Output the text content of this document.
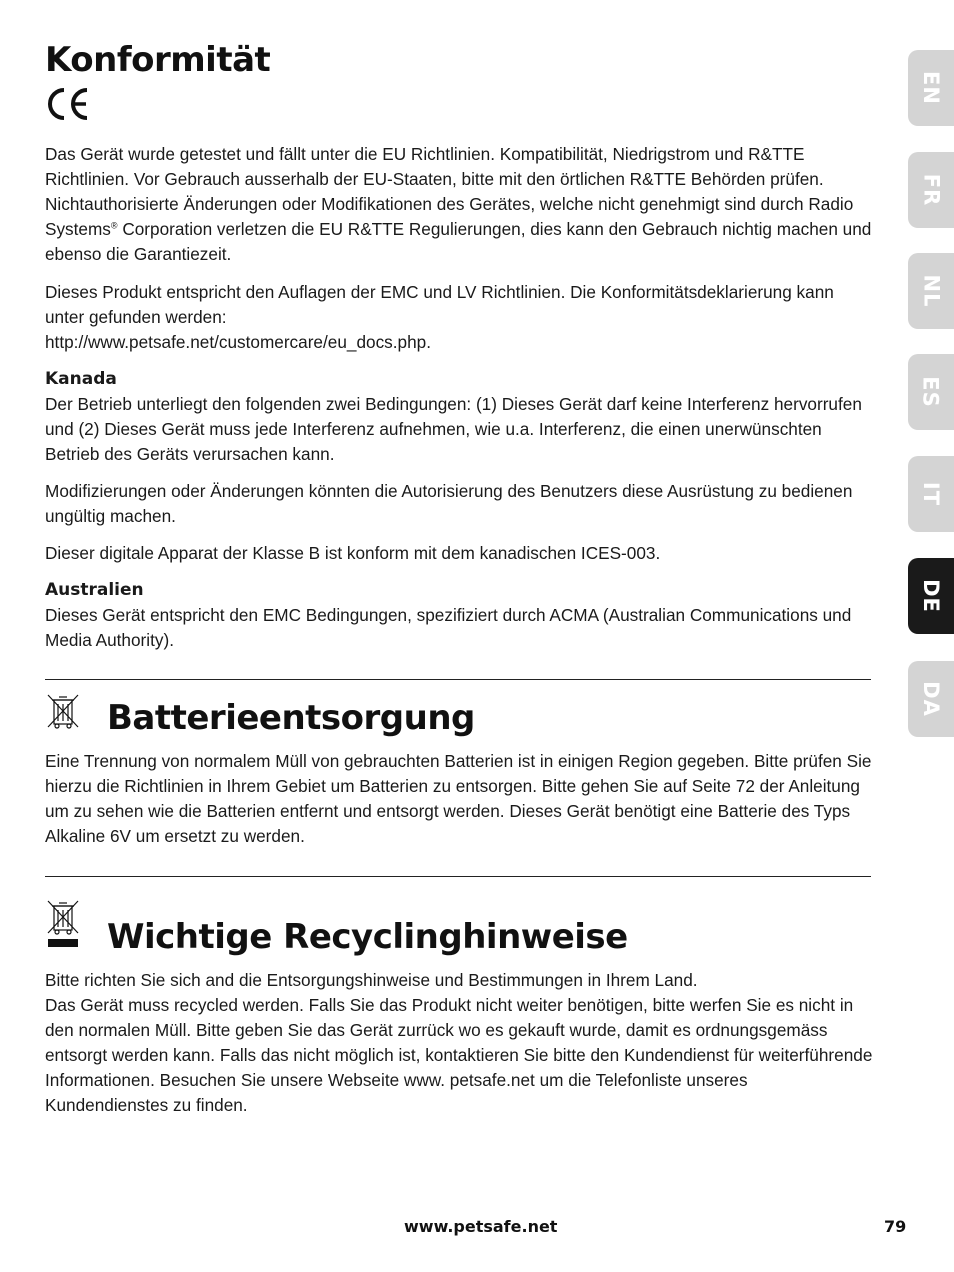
Konformität

Das Gerät wurde getestet und fällt unter die EU Richtlinien. Kompatibilität, Niedrigstrom und R&TTE Richtlinien. Vor Gebrauch ausserhalb der EU-Staaten, bitte mit den örtlichen R&TTE Behörden prüfen. Nichtauthorisierte Änderungen oder Modifikationen des Gerätes, welche nicht genehmigt sind durch Radio Systems® Corporation verletzen die EU R&TTE Regulierungen, dies kann den Gebrauch nichtig machen und ebenso die Garantiezeit.

Dieses Produkt entspricht den Auflagen der EMC und LV Richtlinien. Die Konformitätsdeklarierung kann unter gefunden werden:
http://www.petsafe.net/customercare/eu_docs.php.

Kanada

Der Betrieb unterliegt den folgenden zwei Bedingungen: (1) Dieses Gerät darf keine Interferenz hervorrufen und (2) Dieses Gerät muss jede Interferenz aufnehmen, wie u.a. Interferenz, die einen unerwünschten Betrieb des Geräts verursachen kann.

Modifizierungen oder Änderungen könnten die Autorisierung des Benutzers diese Ausrüstung zu bedienen ungültig machen.

Dieser digitale Apparat der Klasse B ist konform mit dem kanadischen ICES-003.

Australien

Dieses Gerät entspricht den EMC Bedingungen, spezifiziert durch ACMA (Australian Communications und Media Authority).

Batterieentsorgung

Eine Trennung von normalem Müll von gebrauchten Batterien ist in einigen Region gegeben. Bitte prüfen Sie hierzu die Richtlinien in Ihrem Gebiet um Batterien zu entsorgen. Bitte gehen Sie auf Seite 72 der Anleitung um zu sehen wie die Batterien entfernt und entsorgt werden. Dieses Gerät benötigt eine Batterie des Typs Alkaline 6V um ersetzt zu werden.

Wichtige Recyclinghinweise

Bitte richten Sie sich and die Entsorgungshinweise und Bestimmungen in Ihrem Land.

Das Gerät muss recycled werden. Falls Sie das Produkt nicht weiter benötigen, bitte werfen Sie es nicht in den normalen Müll. Bitte geben Sie das Gerät zurrück wo es gekauft wurde, damit es ordnungsgemäss entsorgt werden kann. Falls das nicht möglich ist, kontaktieren Sie bitte den Kundendienst für weiterführende Informationen. Besuchen Sie unsere Webseite www. petsafe.net um die Telefonliste unseres Kundendienstes zu finden.

EN
FR
NL
ES
IT
DE
DA
www.petsafe.net	79
